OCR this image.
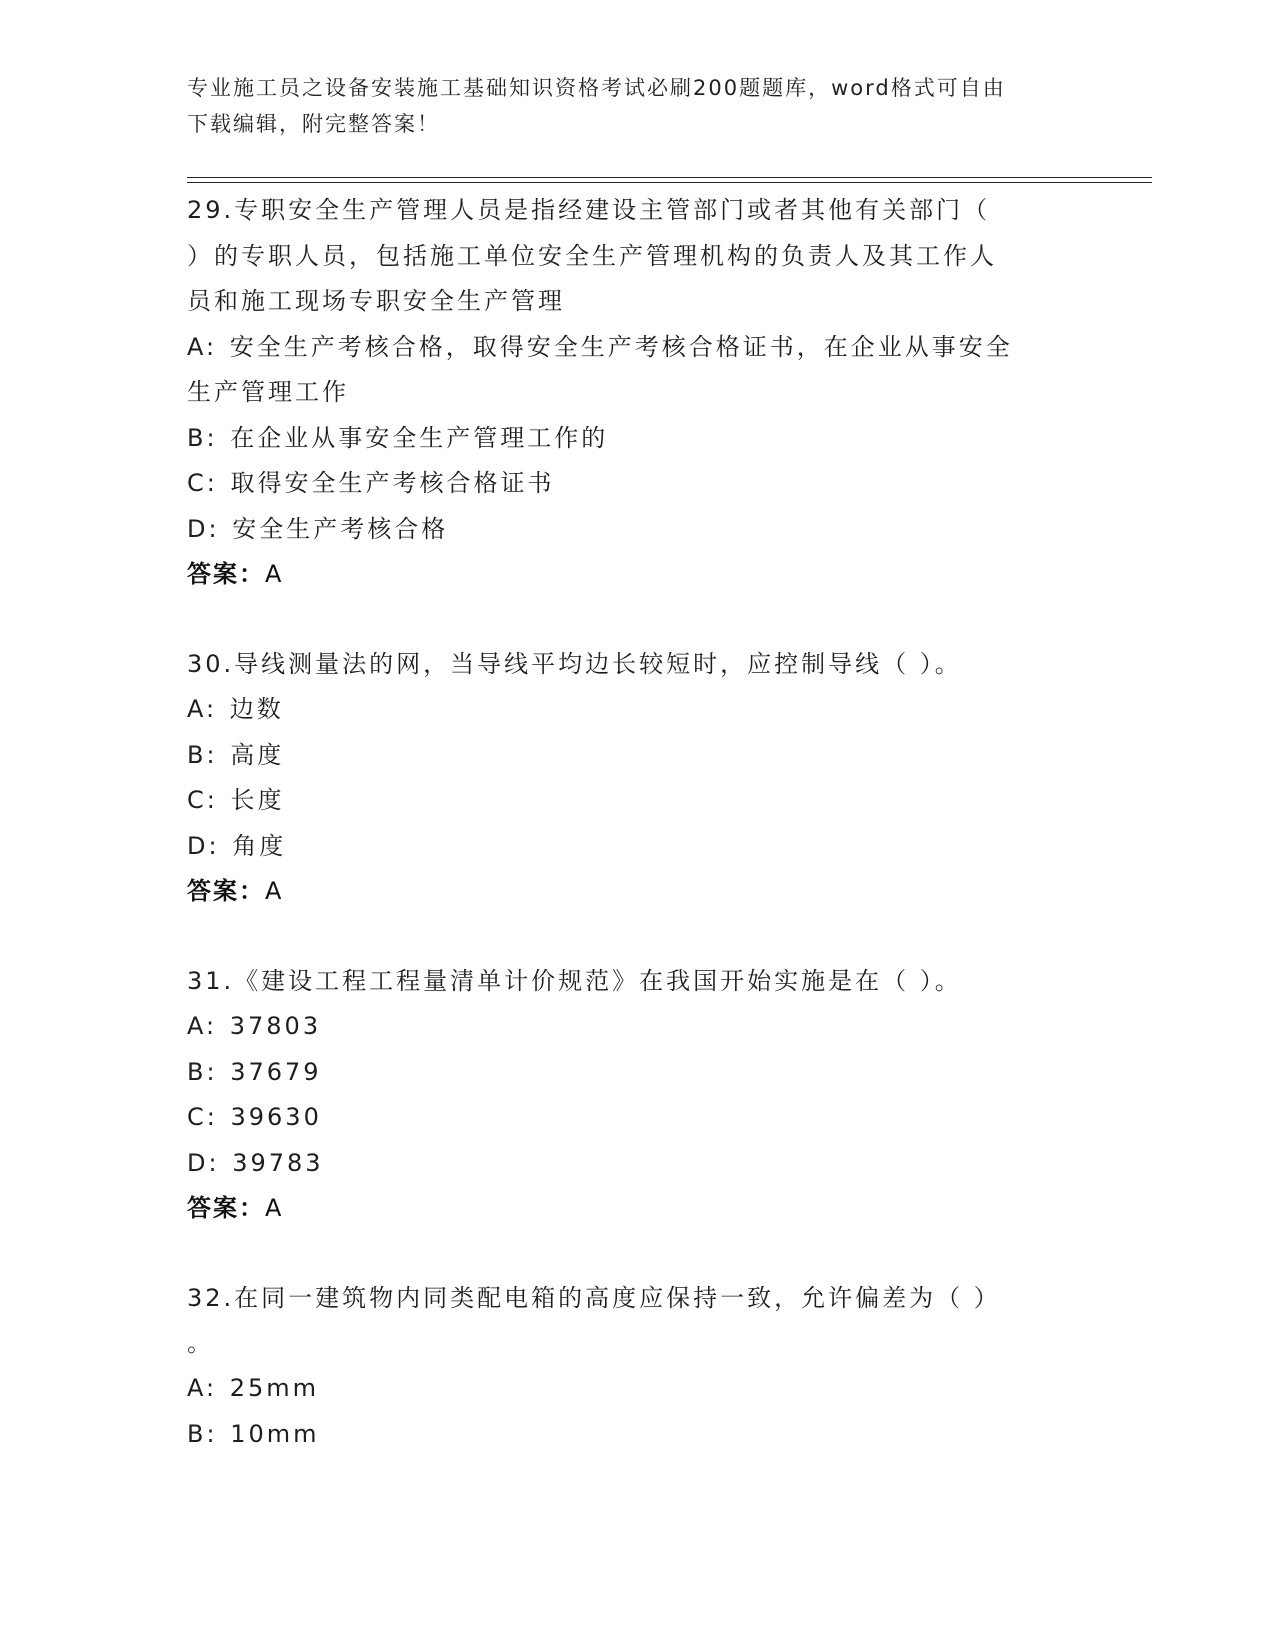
专业施工员之设备安装施工基础知识资格考试必刷200题题库，word格式可自由
下载编辑，附完整答案！
29.专职安全生产管理人员是指经建设主管部门或者其他有关部门（
）的专职人员，包括施工单位安全生产管理机构的负责人及其工作人
员和施工现场专职安全生产管理
A: 安全生产考核合格，取得安全生产考核合格证书，在企业从事安全
生产管理工作
B: 在企业从事安全生产管理工作的
C: 取得安全生产考核合格证书
D: 安全生产考核合格
答案：A
30.导线测量法的网，当导线平均边长较短时，应控制导线（ ）。
A: 边数
B: 高度
C: 长度
D: 角度
答案：A
31.《建设工程工程量清单计价规范》在我国开始实施是在（ ）。
A: 37803
B: 37679
C: 39630
D: 39783
答案：A
32.在同一建筑物内同类配电箱的高度应保持一致，允许偏差为（ ）
。
A: 25mm
B: 10mm
